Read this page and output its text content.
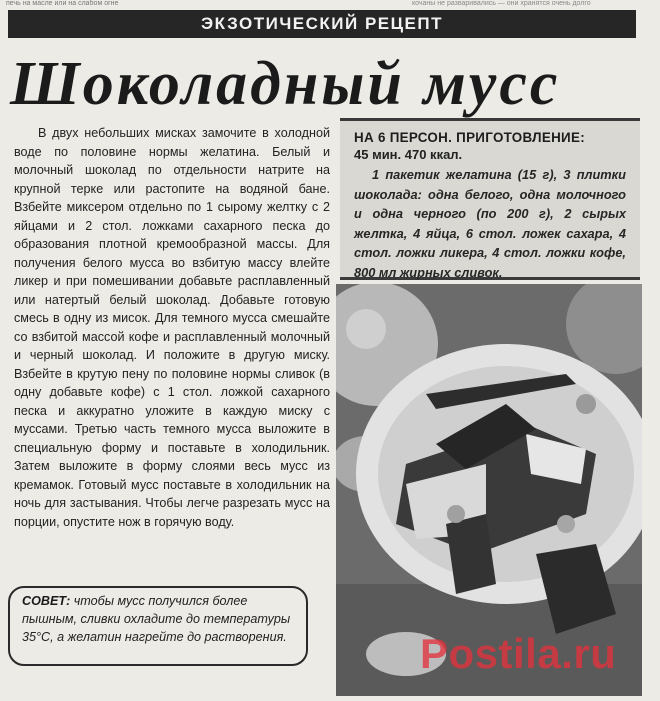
печь на масле или на слабом огне	кочаны не разваривались — они хранятся очень долго
ЭКЗОТИЧЕСКИЙ РЕЦЕПТ
Шоколадный мусс
В двух небольших мисках замочите в холодной воде по половине нормы желатина. Белый и молочный шоколад по отдельности натрите на крупной терке или растопите на водяной бане. Взбейте миксером отдельно по 1 сырому желтку с 2 яйцами и 2 стол. ложками сахарного песка до образования плотной кремообразной массы. Для получения белого мусса во взбитую массу влейте ликер и при помешивании добавьте расплавленный или натертый белый шоколад. Добавьте готовую смесь в одну из мисок. Для темного мусса смешайте со взбитой массой кофе и расплавленный молочный и черный шоколад. И положите в другую миску. Взбейте в крутую пену по половине нормы сливок (в одну добавьте кофе) с 1 стол. ложкой сахарного песка и аккуратно уложите в каждую миску с муссами. Третью часть темного мусса выложите в специальную форму и поставьте в холодильник. Затем выложите в форму слоями весь мусс из кремамок. Готовый мусс поставьте в холодильник на ночь для застывания. Чтобы легче разрезать мусс на порции, опустите нож в горячую воду.
СОВЕТ: чтобы мусс получился более пышным, сливки охладите до температуры 35°С, а желатин нагрейте до растворения.
НА 6 ПЕРСОН. ПРИГОТОВЛЕНИЕ:
45 мин. 470 ккал.
1 пакетик желатина (15 г), 3 плитки шоколада: одна белого, одна молочного и одна черного (по 200 г), 2 сырых желтка, 4 яйца, 6 стол. ложек сахара, 4 стол. ложки ликера, 4 стол. ложки кофе, 800 мл жирных сливок.
Postila.ru
